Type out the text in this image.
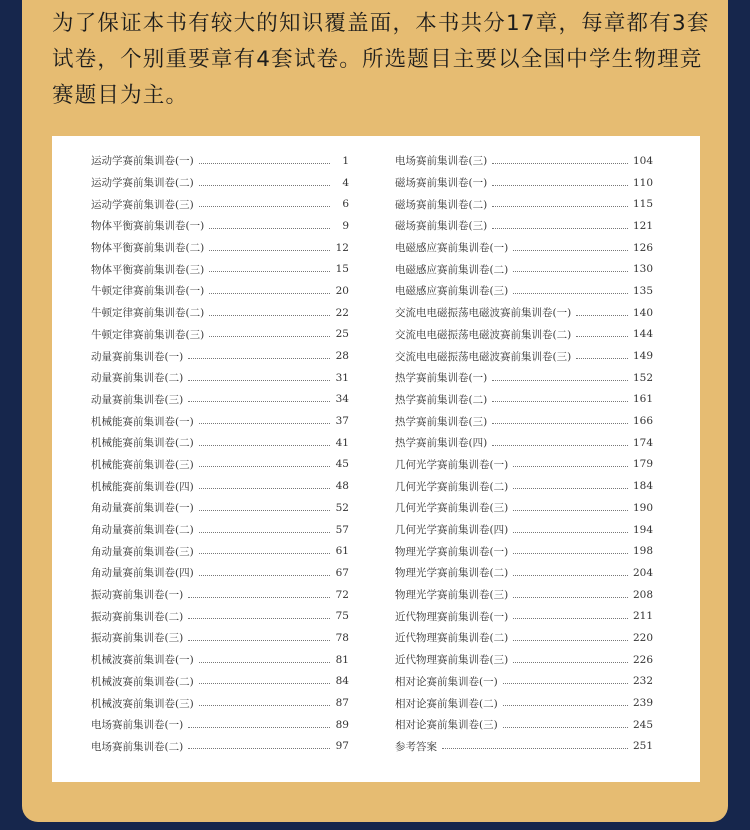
为了保证本书有较大的知识覆盖面，本书共分17章，每章都有3套试卷，个别重要章有4套试卷。所选题目主要以全国中学生物理竞赛题目为主。
运动学赛前集训卷(一)	1
运动学赛前集训卷(二)	4
运动学赛前集训卷(三)	6
物体平衡赛前集训卷(一)	9
物体平衡赛前集训卷(二)	12
物体平衡赛前集训卷(三)	15
牛顿定律赛前集训卷(一)	20
牛顿定律赛前集训卷(二)	22
牛顿定律赛前集训卷(三)	25
动量赛前集训卷(一)	28
动量赛前集训卷(二)	31
动量赛前集训卷(三)	34
机械能赛前集训卷(一)	37
机械能赛前集训卷(二)	41
机械能赛前集训卷(三)	45
机械能赛前集训卷(四)	48
角动量赛前集训卷(一)	52
角动量赛前集训卷(二)	57
角动量赛前集训卷(三)	61
角动量赛前集训卷(四)	67
振动赛前集训卷(一)	72
振动赛前集训卷(二)	75
振动赛前集训卷(三)	78
机械波赛前集训卷(一)	81
机械波赛前集训卷(二)	84
机械波赛前集训卷(三)	87
电场赛前集训卷(一)	89
电场赛前集训卷(二)	97
电场赛前集训卷(三)	104
磁场赛前集训卷(一)	110
磁场赛前集训卷(二)	115
磁场赛前集训卷(三)	121
电磁感应赛前集训卷(一)	126
电磁感应赛前集训卷(二)	130
电磁感应赛前集训卷(三)	135
交流电电磁振荡电磁波赛前集训卷(一)	140
交流电电磁振荡电磁波赛前集训卷(二)	144
交流电电磁振荡电磁波赛前集训卷(三)	149
热学赛前集训卷(一)	152
热学赛前集训卷(二)	161
热学赛前集训卷(三)	166
热学赛前集训卷(四)	174
几何光学赛前集训卷(一)	179
几何光学赛前集训卷(二)	184
几何光学赛前集训卷(三)	190
几何光学赛前集训卷(四)	194
物理光学赛前集训卷(一)	198
物理光学赛前集训卷(二)	204
物理光学赛前集训卷(三)	208
近代物理赛前集训卷(一)	211
近代物理赛前集训卷(二)	220
近代物理赛前集训卷(三)	226
相对论赛前集训卷(一)	232
相对论赛前集训卷(二)	239
相对论赛前集训卷(三)	245
参考答案	251
